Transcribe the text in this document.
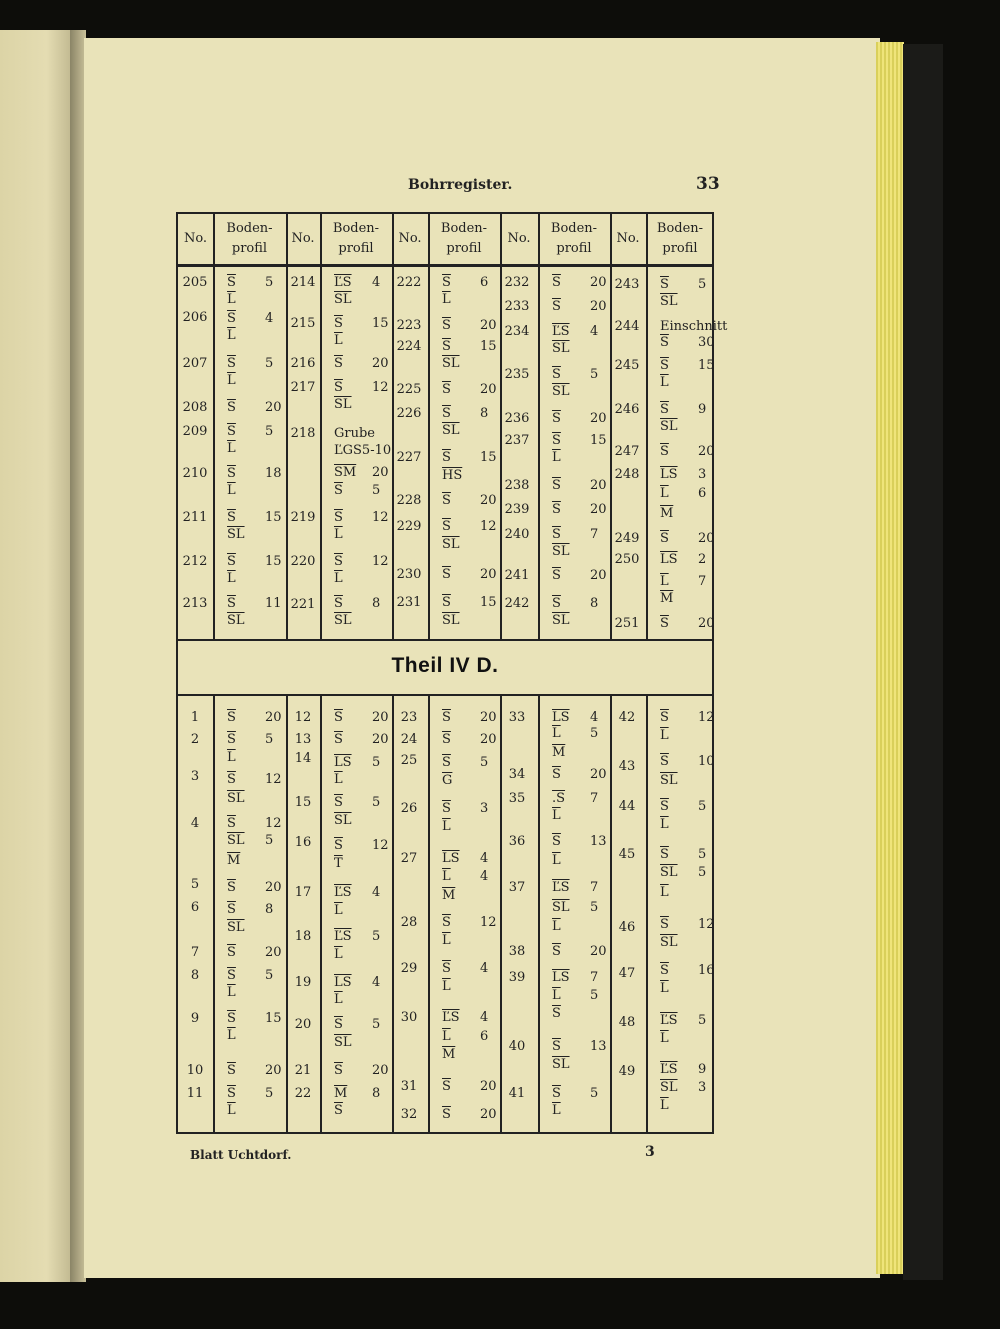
Bohrregister.	33
No.
Boden-
profil
No.
Boden-
profil
No.
Boden-
profil
No.
Boden-
profil
No.
Boden-
profil
Theil IV D.
205
206
207
208
209
210
211
212
213
$\overline{S}$ 5
$\overline{L}$
$\overline{S}$ 4
$\overline{L}$
$\overline{S}$ 5
$\overline{L}$
$\overline{S}$ 20
$\overline{S}$ 5
$\overline{L}$
$\overline{S}$ 18
$\overline{L}$
$\overline{S}$ 15
$\overline{SL}$
$\overline{S}$ 15
$\overline{L}$
$\overline{S}$ 11
$\overline{SL}$
1
2
3
4
5
6
7
8
9
10
11
$\overline{S}$ 20
$\overline{S}$ 5
$\overline{L}$
$\overline{S}$ 12
$\overline{SL}$
$\overline{S}$ 12
$\overline{SL}$ 5
$\overline{M}$
$\overline{S}$ 20
$\overline{S}$ 8
$\overline{SL}$
$\overline{S}$ 20
$\overline{S}$ 5
$\overline{L}$
$\overline{S}$ 15
$\overline{L}$
$\overline{S}$ 20
$\overline{S}$ 5
$\overline{L}$
214
215
216
217
218
219
220
221
$\overline{ĽS}$ 4
$\overline{SL}$
$\overline{S}$ 15
$\overline{L}$
$\overline{S}$ 20
$\overline{S}$ 12
$\overline{SL}$
Grube
ĽGS5-10
$\overline{SM}$ 20
$\overline{S}$ 5
$\overline{S}$ 12
$\overline{L}$
$\overline{S}$ 12
$\overline{L}$
$\overline{S}$ 8
$\overline{SL}$
12
13
14
15
16
17
18
19
20
21
22
$\overline{S}$ 20
$\overline{S}$ 20
$\overline{LS}$ 5
$\overline{L}$
$\overline{S}$ 5
$\overline{SL}$
$\overline{S}$ 12
$\overline{T}$
$\overline{ĽS}$ 4
$\overline{L}$
$\overline{ĽS}$ 5
$\overline{L}$
$\overline{LS}$ 4
$\overline{L}$
$\overline{S}$ 5
$\overline{SL}$
$\overline{S}$ 20
$\overline{M}$ 8
$\overline{S}$
222
223
224
225
226
227
228
229
230
231
$\overline{S}$ 6
$\overline{L}$
$\overline{S}$ 20
$\overline{S}$ 15
$\overline{SL}$
$\overline{S}$ 20
$\overline{S}$ 8
$\overline{SL}$
$\overline{S}$ 15
$\overline{HS}$
$\overline{S}$ 20
$\overline{S}$ 12
$\overline{SL}$
$\overline{S}$ 20
$\overline{S}$ 15
$\overline{SL}$
23
24
25
26
27
28
29
30
31
32
$\overline{S}$ 20
$\overline{S}$ 20
$\overline{S}$ 5
$\overline{G}$
$\overline{S}$ 3
$\overline{L}$
$\overline{LS}$ 4
$\overline{L}$ 4
$\overline{M}$
$\overline{S}$ 12
$\overline{L}$
$\overline{S}$ 4
$\overline{L}$
$\overline{ĽS}$ 4
$\overline{L}$ 6
$\overline{M}$
$\overline{S}$ 20
$\overline{S}$ 20
232
233
234
235
236
237
238
239
240
241
242
$\overline{S}$ 20
$\overline{S}$ 20
$\overline{ĽS}$ 4
$\overline{SL}$
$\overline{S}$ 5
$\overline{SL}$
$\overline{S}$ 20
$\overline{S}$ 15
$\overline{L}$
$\overline{S}$ 20
$\overline{S}$ 20
$\overline{S}$ 7
$\overline{SL}$
$\overline{S}$ 20
$\overline{S}$ 8
$\overline{SL}$
33
34
35
36
37
38
39
40
41
$\overline{LS}$ 4
$\overline{L}$ 5
$\overline{M}$
$\overline{S}$ 20
.S 7
$\overline{L}$
$\overline{S}$ 13
$\overline{L}$
$\overline{ĽS}$ 7
$\overline{SL}$ 5
$\overline{L}$
$\overline{S}$ 20
$\overline{LS}$ 7
$\overline{L}$ 5
$\overline{S}$
$\overline{S}$ 13
$\overline{SL}$
$\overline{S}$ 5
$\overline{L}$
243
244
245
246
247
248
249
250
251
$\overline{S}$ 5
$\overline{SL}$
Einschnitt
$\overline{S}$ 30
$\overline{S}$ 15
$\overline{L}$
$\overline{S}$ 9
$\overline{SL}$
$\overline{S}$ 20
$\overline{LS}$ 3
$\overline{L}$ 6
$\overline{M}$
$\overline{S}$ 20
$\overline{LS}$ 2
$\overline{L}$ 7
$\overline{M}$
$\overline{S}$ 20
42
43
44
45
46
47
48
49
$\overline{S}$ 12
$\overline{L}$
$\overline{S}$ 10
$\overline{SL}$
$\overline{S}$ 5
$\overline{L}$
$\overline{S}$ 5
$\overline{SL}$ 5
$\overline{L}$
$\overline{S}$ 12
$\overline{SL}$
$\overline{S}$ 16
$\overline{L}$
$\overline{ĽS}$ 5
$\overline{L}$
$\overline{ĽS}$ 9
$\overline{SL}$ 3
$\overline{L}$
Blatt Uchtdorf.	3
